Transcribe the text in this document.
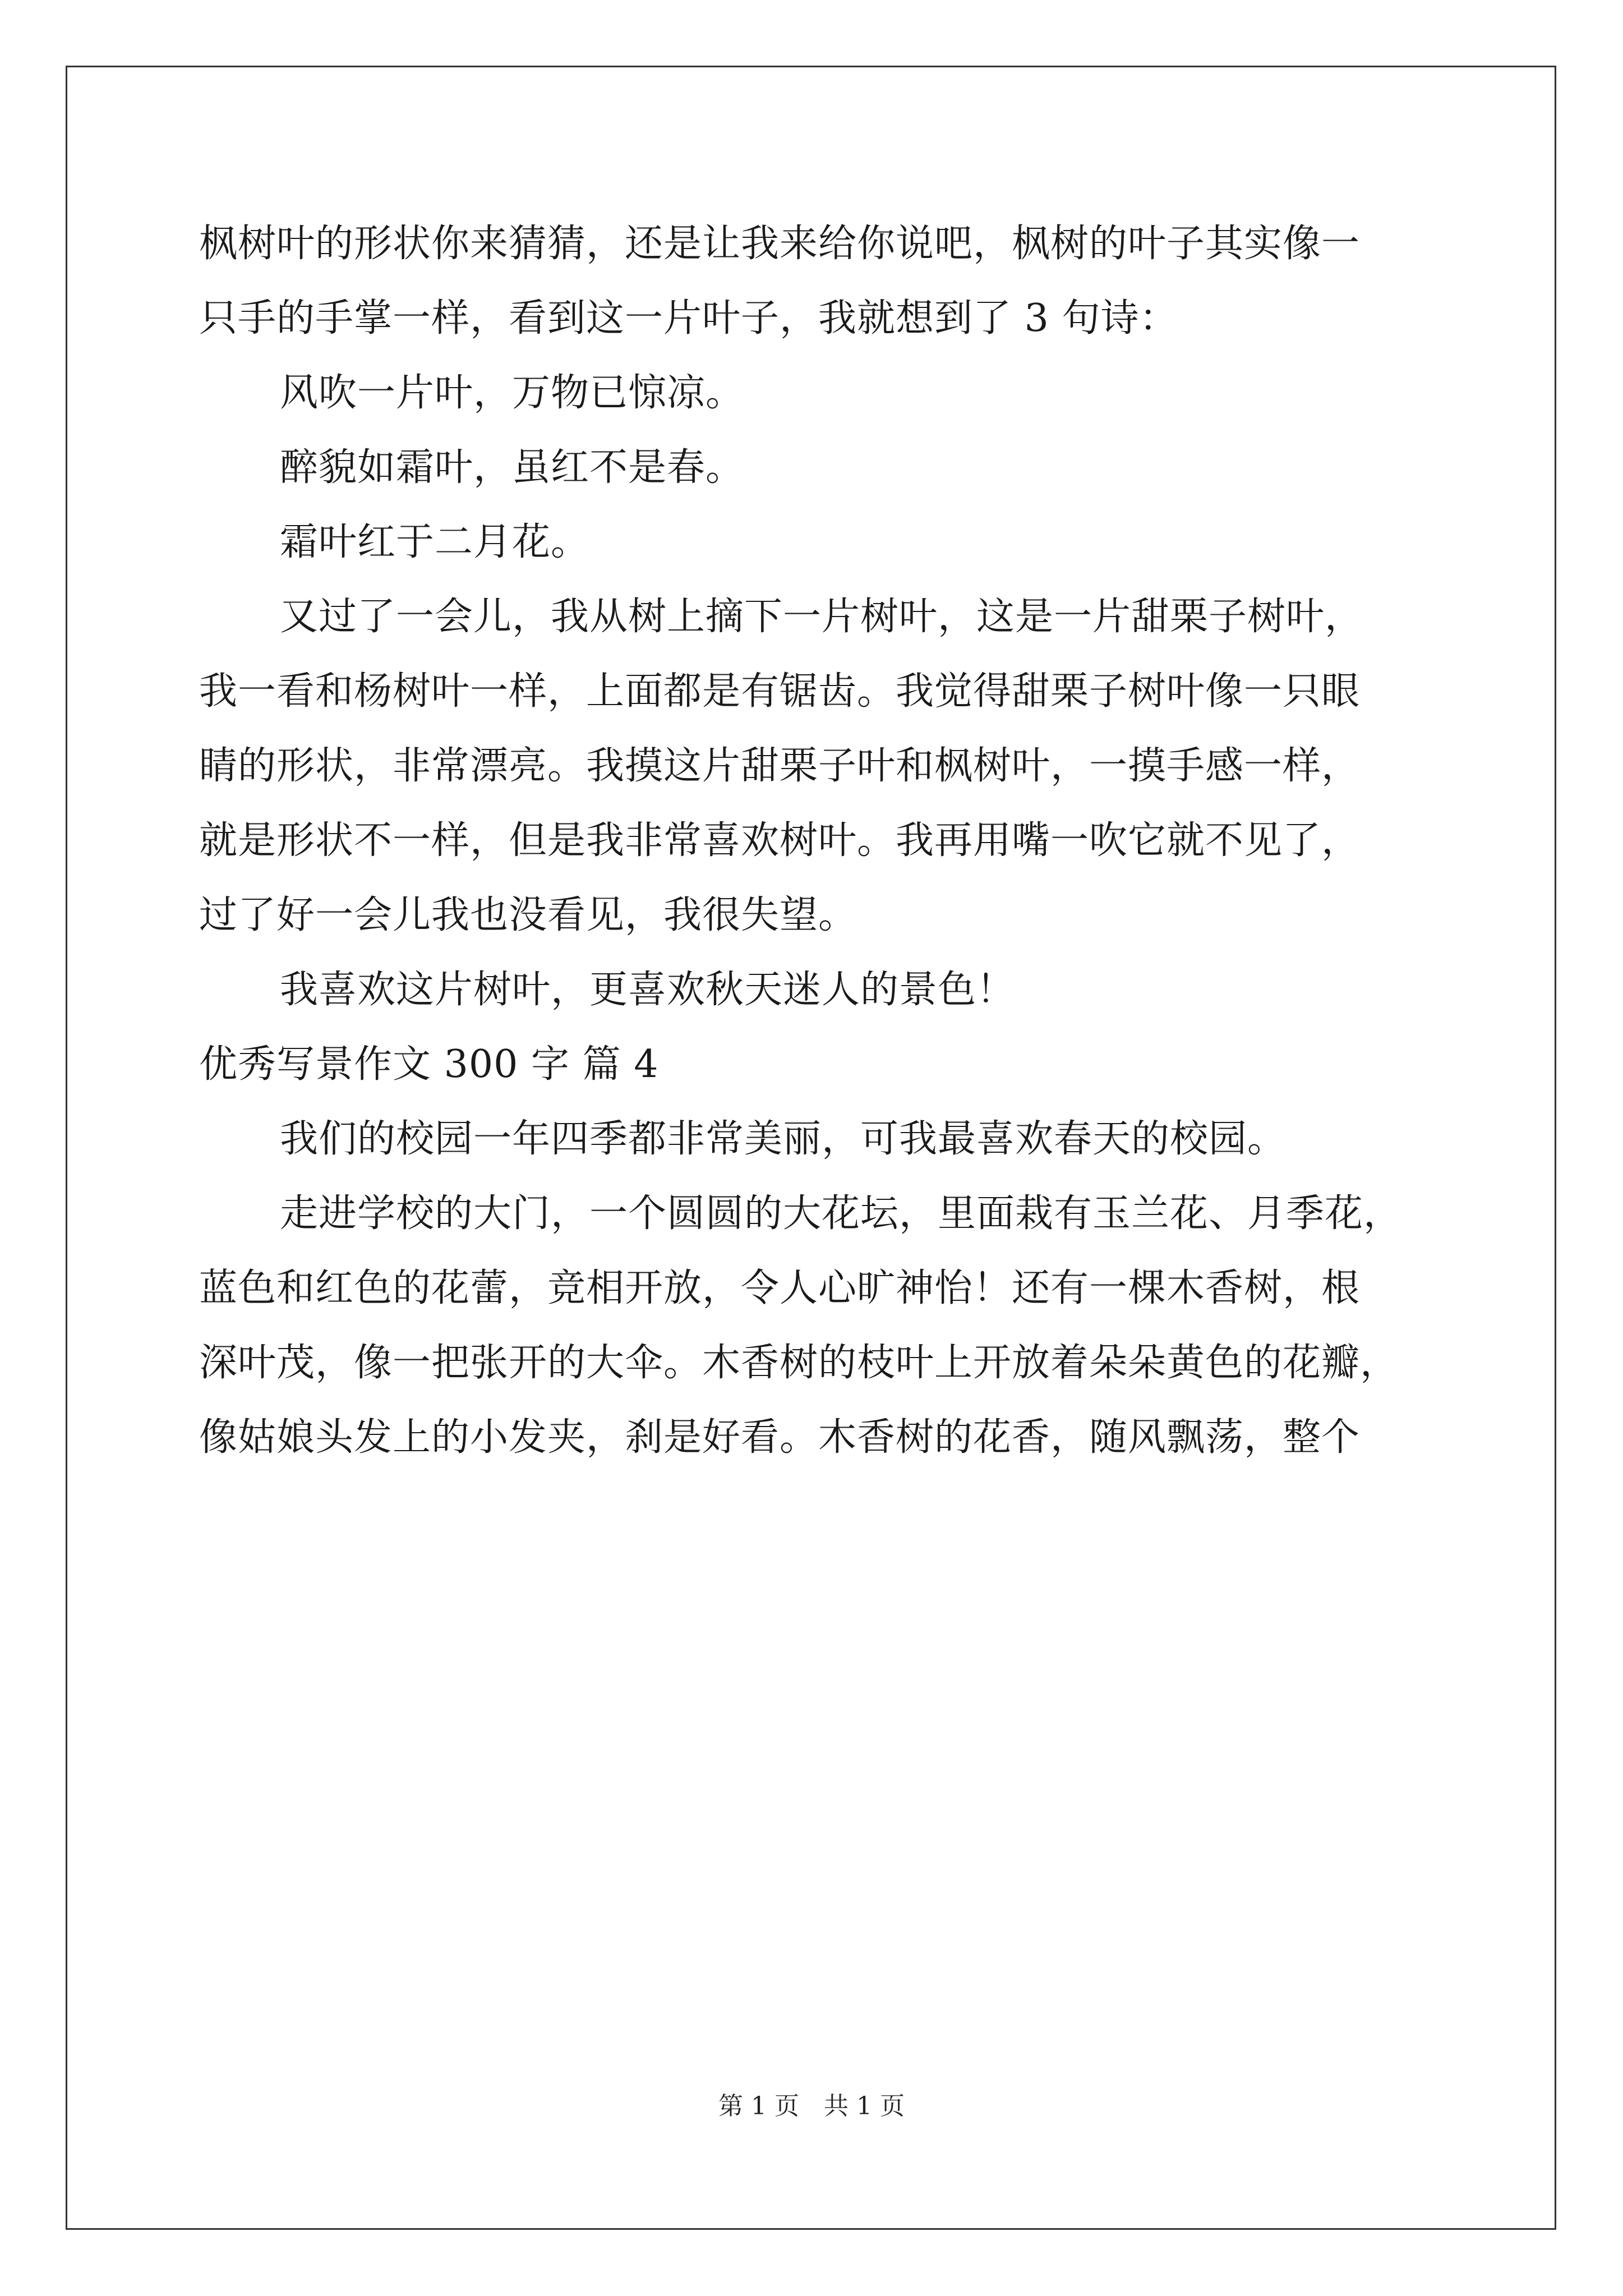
枫树叶的形状你来猜猜，还是让我来给你说吧，枫树的叶子其实像一
只手的手掌一样，看到这一片叶子，我就想到了 3 句诗：
风吹一片叶，万物已惊凉。
醉貌如霜叶，虽红不是春。
霜叶红于二月花。
又过了一会儿，我从树上摘下一片树叶，这是一片甜栗子树叶，
我一看和杨树叶一样，上面都是有锯齿。我觉得甜栗子树叶像一只眼
睛的形状，非常漂亮。我摸这片甜栗子叶和枫树叶，一摸手感一样，
就是形状不一样，但是我非常喜欢树叶。我再用嘴一吹它就不见了，
过了好一会儿我也没看见，我很失望。
我喜欢这片树叶，更喜欢秋天迷人的景色！
优秀写景作文 300 字 篇 4
我们的校园一年四季都非常美丽，可我最喜欢春天的校园。
走进学校的大门，一个圆圆的大花坛，里面栽有玉兰花、月季花，
蓝色和红色的花蕾，竞相开放，令人心旷神怡！还有一棵木香树，根
深叶茂，像一把张开的大伞。木香树的枝叶上开放着朵朵黄色的花瓣，
像姑娘头发上的小发夹，刹是好看。木香树的花香，随风飘荡，整个
第 1 页 共 1 页
